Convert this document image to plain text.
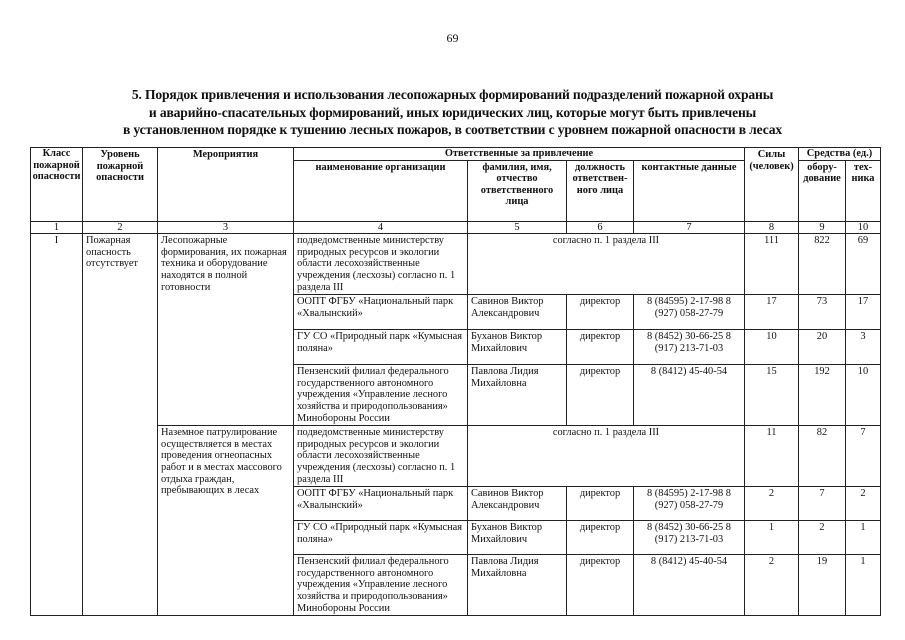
69
5. Порядок привлечения и использования лесопожарных формирований подразделений пожарной охраны
и аварийно-спасательных формирований, иных юридических лиц, которые могут быть привлечены
в установленном порядке к тушению лесных пожаров, в соответствии с уровнем пожарной опасности в лесах
Класс пожарной опасности	Уровень пожарной опасности	Мероприятия	Ответственные за привлечение				Силы (человек)	Средства (ед.)	
			наименование организации	фамилия, имя, отчество ответственного лица	должность ответствен-ного лица	контактные данные		обору-дование	тех-ника
1	2	3	4	5	6	7	8	9	10
I	Пожарная опасность отсутствует	Лесопожарные формирования, их пожарная техника и оборудование находятся в полной готовности	подведомственные министерству природных ресурсов и экологии области лесохозяйственные учреждения (лесхозы) согласно п. 1 раздела III	согласно п. 1 раздела III			111	822	69
			ООПТ ФГБУ «Национальный парк «Хвалынский»	Савинов Виктор Александрович	директор	8 (84595) 2-17-98 8 (927) 058-27-79	17	73	17
			ГУ СО «Природный парк «Кумысная поляна»	Буханов Виктор Михайлович	директор	8 (8452) 30-66-25 8 (917) 213-71-03	10	20	3
			Пензенский филиал федерального государственного автономного учреждения «Управление лесного хозяйства и природопользования» Минобороны России	Павлова Лидия Михайловна	директор	8 (8412) 45-40-54	15	192	10
		Наземное патрулирование осуществляется в местах проведения огнеопасных работ и в местах массового отдыха граждан, пребывающих в лесах	подведомственные министерству природных ресурсов и экологии области лесохозяйственные учреждения (лесхозы) согласно п. 1 раздела III	согласно п. 1 раздела III			11	82	7
			ООПТ ФГБУ «Национальный парк «Хвалынский»	Савинов Виктор Александрович	директор	8 (84595) 2-17-98 8 (927) 058-27-79	2	7	2
			ГУ СО «Природный парк «Кумысная поляна»	Буханов Виктор Михайлович	директор	8 (8452) 30-66-25 8 (917) 213-71-03	1	2	1
			Пензенский филиал федерального государственного автономного учреждения «Управление лесного хозяйства и природопользования» Минобороны России	Павлова Лидия Михайловна	директор	8 (8412) 45-40-54	2	19	1
